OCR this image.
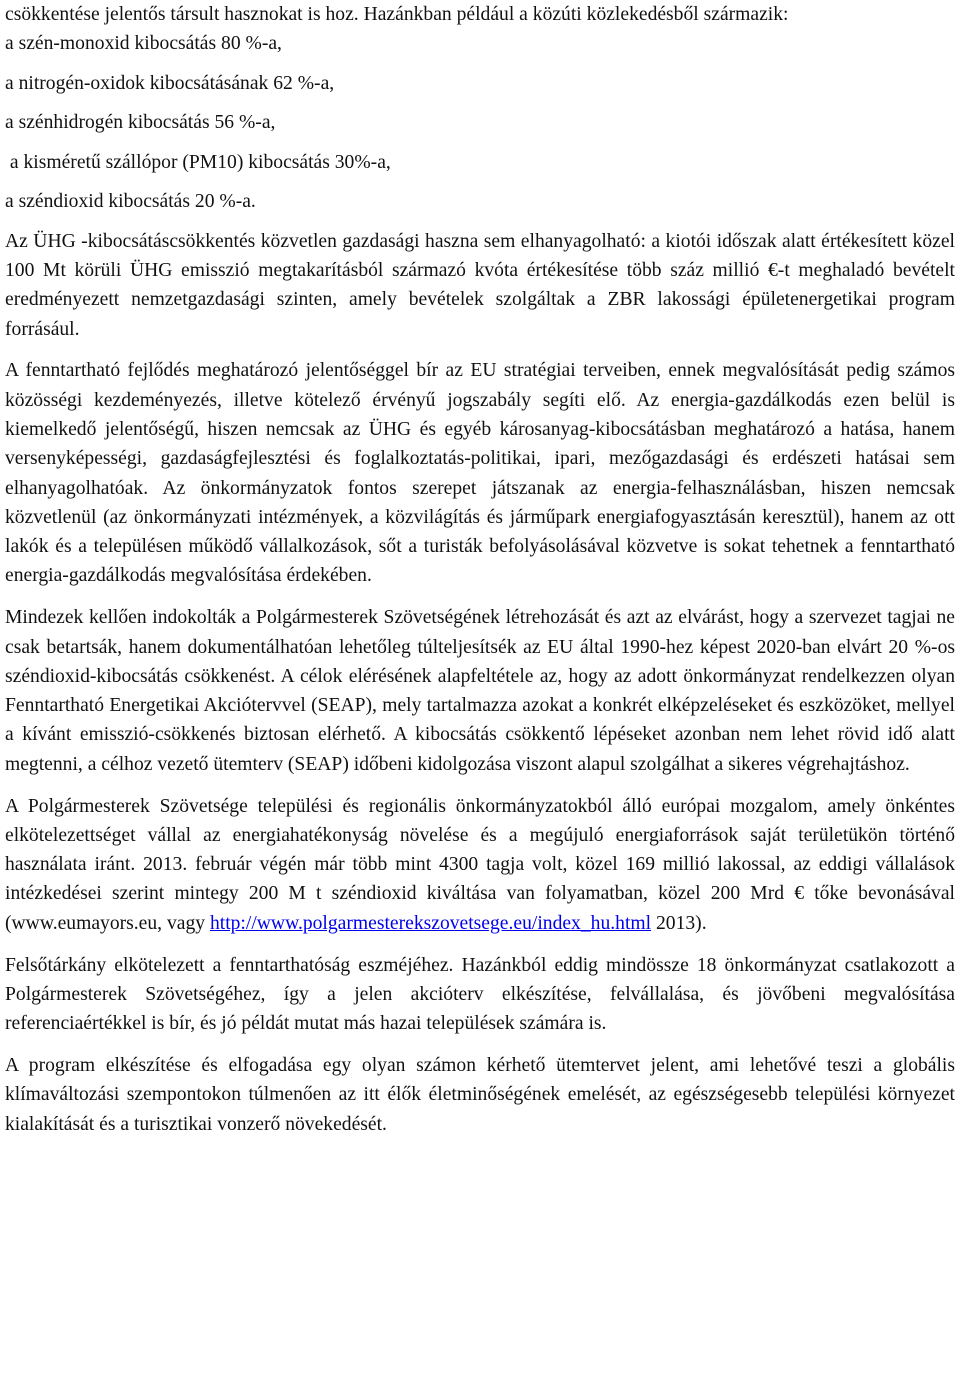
csökkentése jelentős társult hasznokat is hoz. Hazánkban például a közúti közlekedésből származik:

a szén-monoxid kibocsátás 80 %-a,

a nitrogén-oxidok kibocsátásának 62 %-a,

a szénhidrogén kibocsátás 56 %-a,

a kisméretű szállópor (PM10) kibocsátás 30%-a,

a széndioxid kibocsátás 20 %-a.

Az ÜHG -kibocsátáscsökkentés közvetlen gazdasági haszna sem elhanyagolható: a kiotói időszak alatt értékesített közel 100 Mt körüli ÜHG emisszió megtakarításból származó kvóta értékesítése több száz millió €-t meghaladó bevételt eredményezett nemzetgazdasági szinten, amely bevételek szolgáltak a ZBR lakossági épületenergetikai program forrásául.

A fenntartható fejlődés meghatározó jelentőséggel bír az EU stratégiai terveiben, ennek megvalósítását pedig számos közösségi kezdeményezés, illetve kötelező érvényű jogszabály segíti elő. Az energia-gazdálkodás ezen belül is kiemelkedő jelentőségű, hiszen nemcsak az ÜHG és egyéb károsanyag-kibocsátásban meghatározó a hatása, hanem versenyképességi, gazdaságfejlesztési és foglalkoztatás-politikai, ipari, mezőgazdasági és erdészeti hatásai sem elhanyagolhatóak. Az önkormányzatok fontos szerepet játszanak az energia-felhasználásban, hiszen nemcsak közvetlenül (az önkormányzati intézmények, a közvilágítás és járműpark energiafogyasztásán keresztül), hanem az ott lakók és a településen működő vállalkozások, sőt a turisták befolyásolásával közvetve is sokat tehetnek a fenntartható energia-gazdálkodás megvalósítása érdekében.

Mindezek kellően indokolták a Polgármesterek Szövetségének létrehozását és azt az elvárást, hogy a szervezet tagjai ne csak betartsák, hanem dokumentálhatóan lehetőleg túlteljesítsék az EU által 1990-hez képest 2020-ban elvárt 20 %-os széndioxid-kibocsátás csökkenést. A célok elérésének alapfeltétele az, hogy az adott önkormányzat rendelkezzen olyan Fenntartható Energetikai Akciótervvel (SEAP), mely tartalmazza azokat a konkrét elképzeléseket és eszközöket, mellyel a kívánt emisszió-csökkenés biztosan elérhető. A kibocsátás csökkentő lépéseket azonban nem lehet rövid idő alatt megtenni, a célhoz vezető ütemterv (SEAP) időbeni kidolgozása viszont alapul szolgálhat a sikeres végrehajtáshoz.

A Polgármesterek Szövetsége települési és regionális önkormányzatokból álló európai mozgalom, amely önkéntes elkötelezettséget vállal az energiahatékonyság növelése és a megújuló energiaforrások saját területükön történő használata iránt. 2013. február végén már több mint 4300 tagja volt, közel 169 millió lakossal, az eddigi vállalások intézkedései szerint mintegy 200 M t széndioxid kiváltása van folyamatban, közel 200 Mrd € tőke bevonásával (www.eumayors.eu, vagy http://www.polgarmesterekszovetsege.eu/index_hu.html 2013).

Felsőtárkány elkötelezett a fenntarthatóság eszméjéhez. Hazánkból eddig mindössze 18 önkormányzat csatlakozott a Polgármesterek Szövetségéhez, így a jelen akcióterv elkészítése, felvállalása, és jövőbeni megvalósítása referenciaértékkel is bír, és jó példát mutat más hazai települések számára is.

A program elkészítése és elfogadása egy olyan számon kérhető ütemtervet jelent, ami lehetővé teszi a globális klímaváltozási szempontokon túlmenően az itt élők életminőségének emelését, az egészségesebb települési környezet kialakítását és a turisztikai vonzerő növekedését.
